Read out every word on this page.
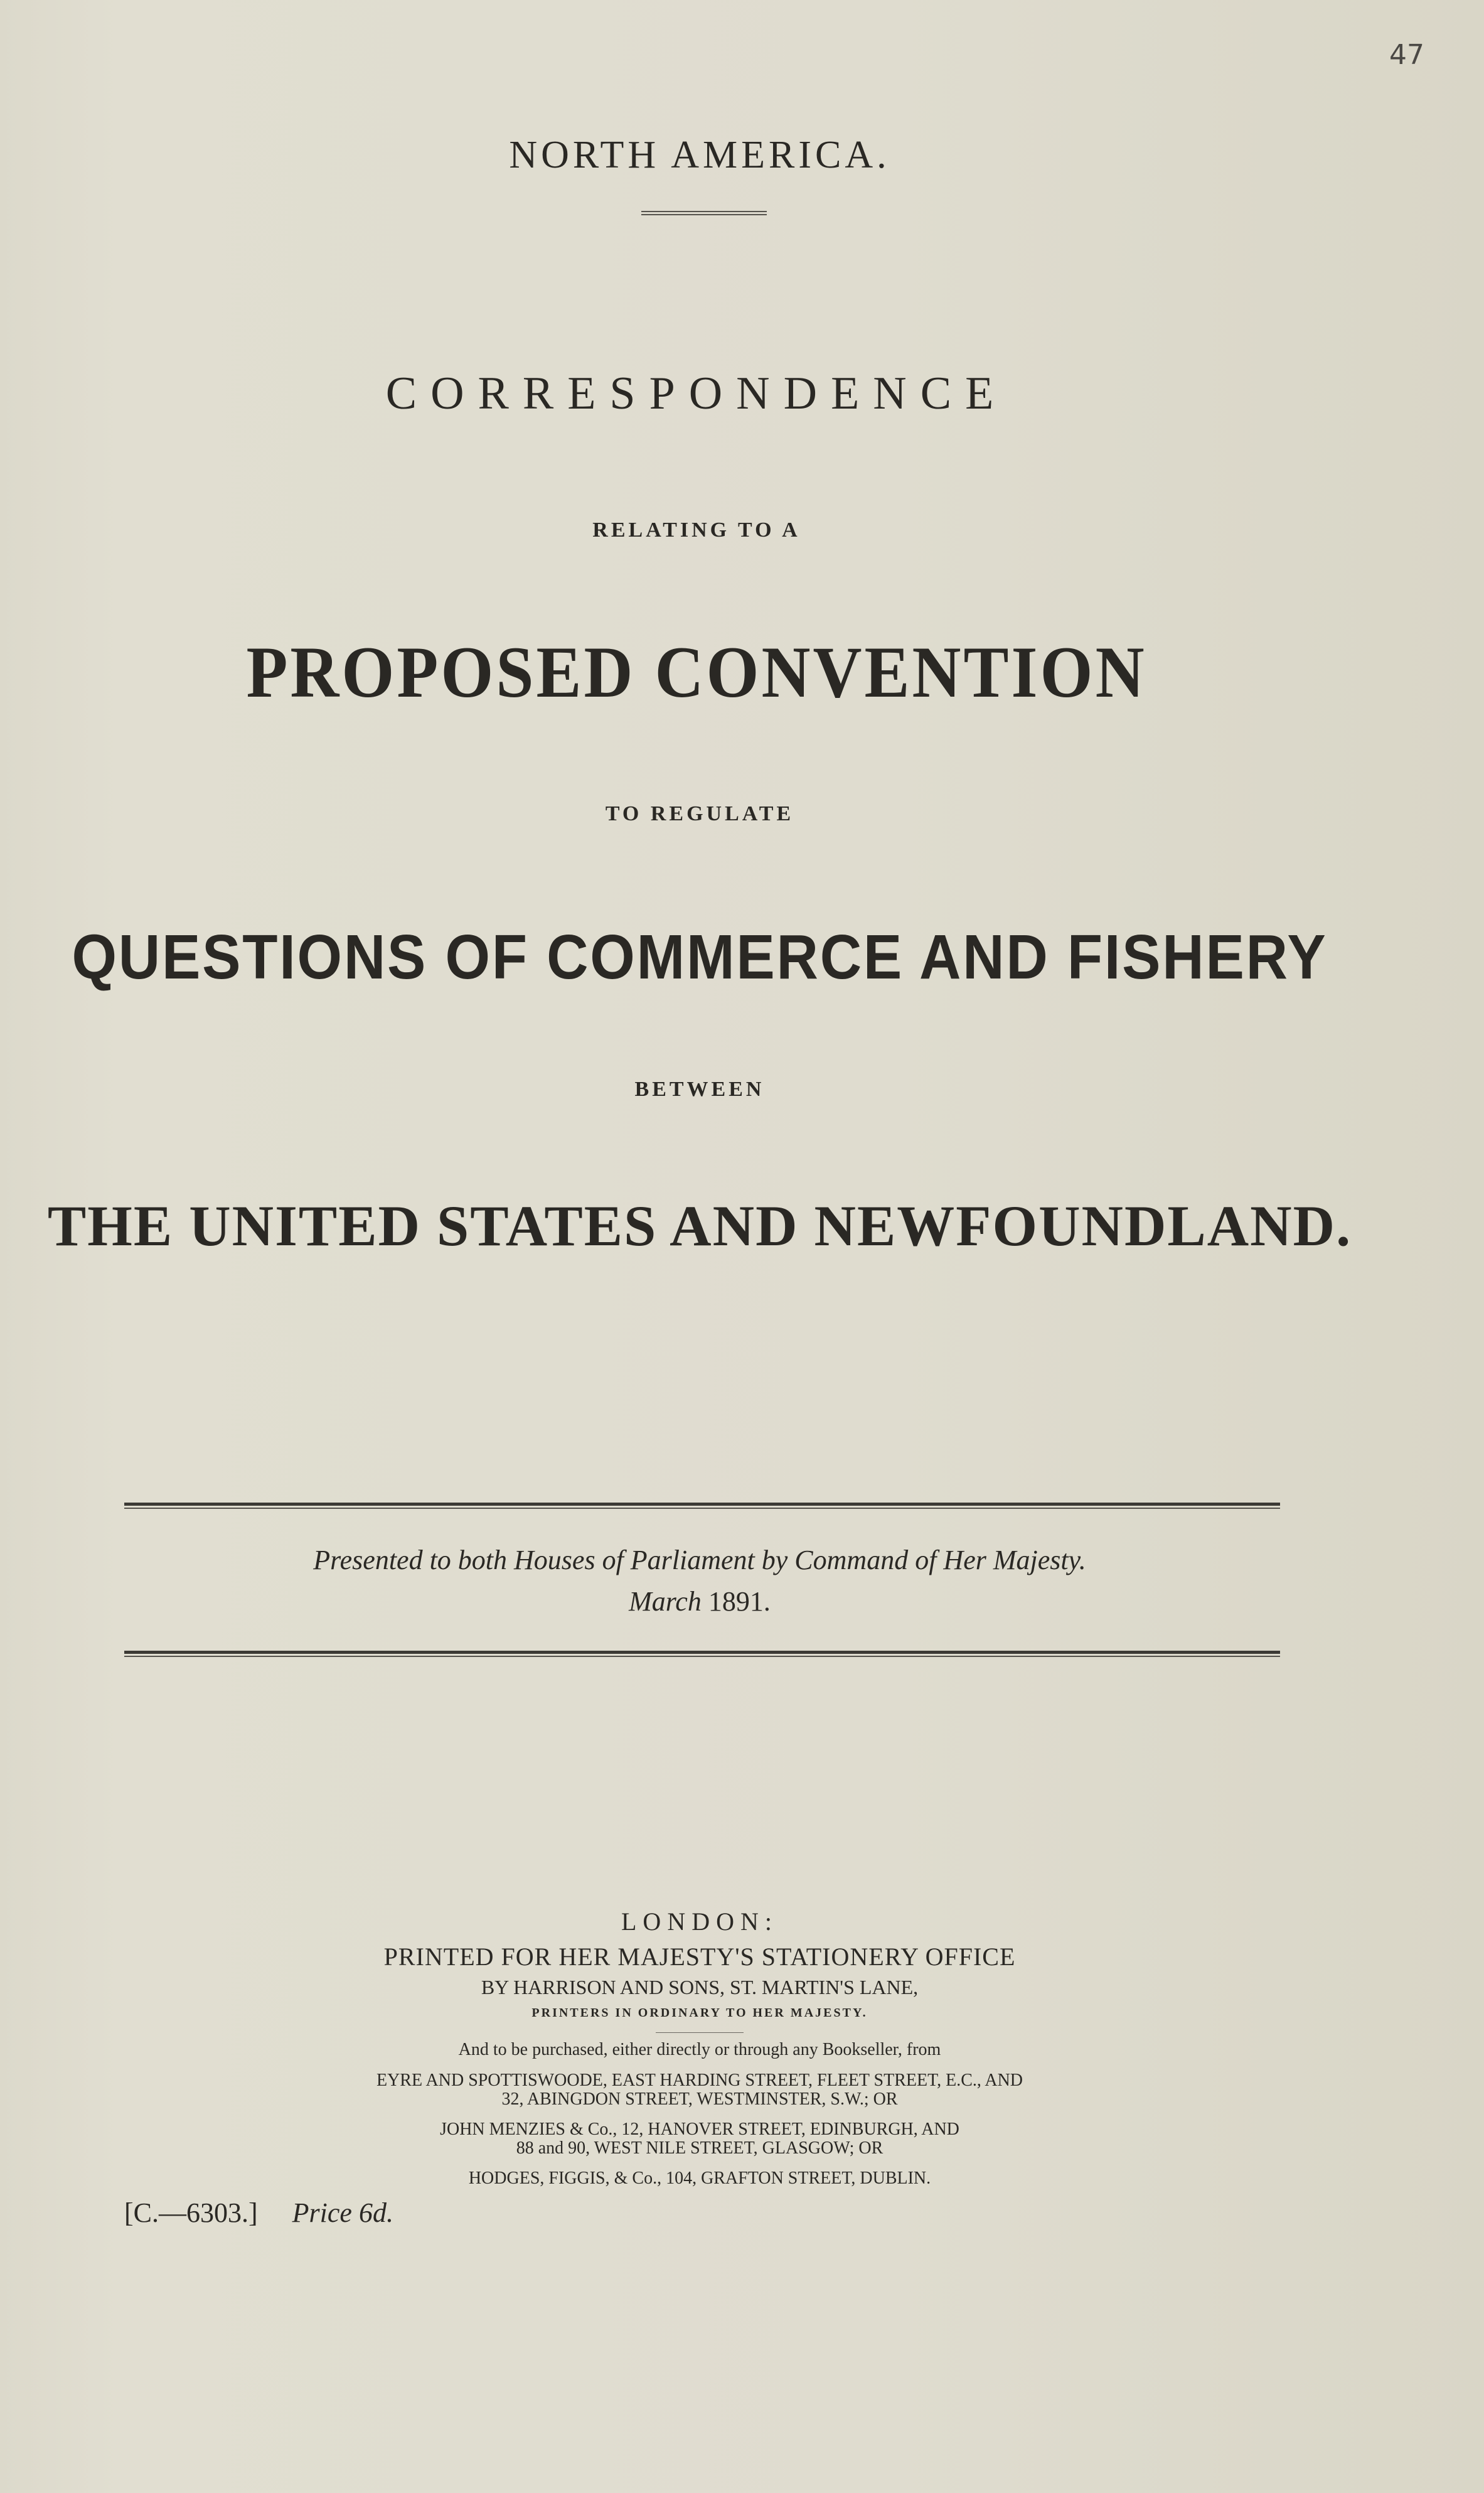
47
NORTH AMERICA.
CORRESPONDENCE
RELATING TO A
PROPOSED CONVENTION
TO REGULATE
QUESTIONS OF COMMERCE AND FISHERY
BETWEEN
THE UNITED STATES AND NEWFOUNDLAND.
Presented to both Houses of Parliament by Command of Her Majesty.
March 1891.
LONDON:
PRINTED FOR HER MAJESTY'S STATIONERY OFFICE
BY HARRISON AND SONS, ST. MARTIN'S LANE,
PRINTERS IN ORDINARY TO HER MAJESTY.
And to be purchased, either directly or through any Bookseller, from
EYRE AND SPOTTISWOODE, EAST HARDING STREET, FLEET STREET, E.C., AND
32, ABINGDON STREET, WESTMINSTER, S.W.; OR
JOHN MENZIES & Co., 12, HANOVER STREET, EDINBURGH, AND
88 and 90, WEST NILE STREET, GLASGOW; OR
HODGES, FIGGIS, & Co., 104, GRAFTON STREET, DUBLIN.
[C.—6303.] Price 6d.
